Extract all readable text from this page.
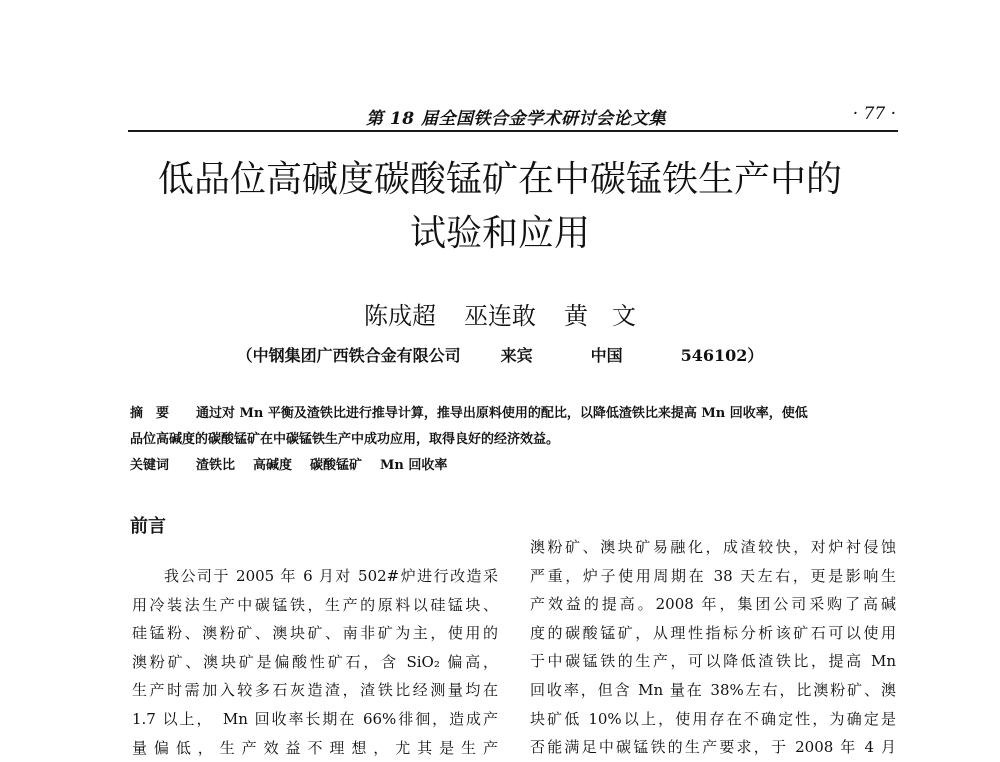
第 18 届全国铁合金学术研讨会论文集	· 77 ·
低品位高碱度碳酸锰矿在中碳锰铁生产中的
试验和应用
陈成超 巫连敢 黄　文
（中钢集团广西铁合金有限公司	来宾	中国	546102）
摘　要 通过对 Mn 平衡及渣铁比进行推导计算，推导出原料使用的配比，以降低渣铁比来提高 Mn 回收率，使低
品位高碱度的碳酸锰矿在中碳锰铁生产中成功应用，取得良好的经济效益。
关键词 渣铁比 高碱度 碳酸锰矿 Mn 回收率
前言
我公司于 2005 年 6 月对 502#炉进行改造采
用冷装法生产中碳锰铁，生产的原料以硅锰块、
硅锰粉、澳粉矿、澳块矿、南非矿为主，使用的
澳粉矿、澳块矿是偏酸性矿石，含 SiO₂ 偏高，
生产时需加入较多石灰造渣，渣铁比经测量均在
1.7 以上，　Mn 回收率长期在 66%徘徊，造成产
量 偏 低 ， 生 产 效 益 不 理 想 ， 尤 其 是 生 产
澳粉矿、澳块矿易融化，成渣较快，对炉衬侵蚀
严重，炉子使用周期在 38 天左右，更是影响生
产效益的提高。2008 年，集团公司采购了高碱
度的碳酸锰矿，从理性指标分析该矿石可以使用
于中碳锰铁的生产，可以降低渣铁比，提高 Mn
回收率，但含 Mn 量在 38%左右，比澳粉矿、澳
块矿低 10%以上，使用存在不确定性，为确定是
否能满足中碳锰铁的生产要求，于 2008 年 4 月
